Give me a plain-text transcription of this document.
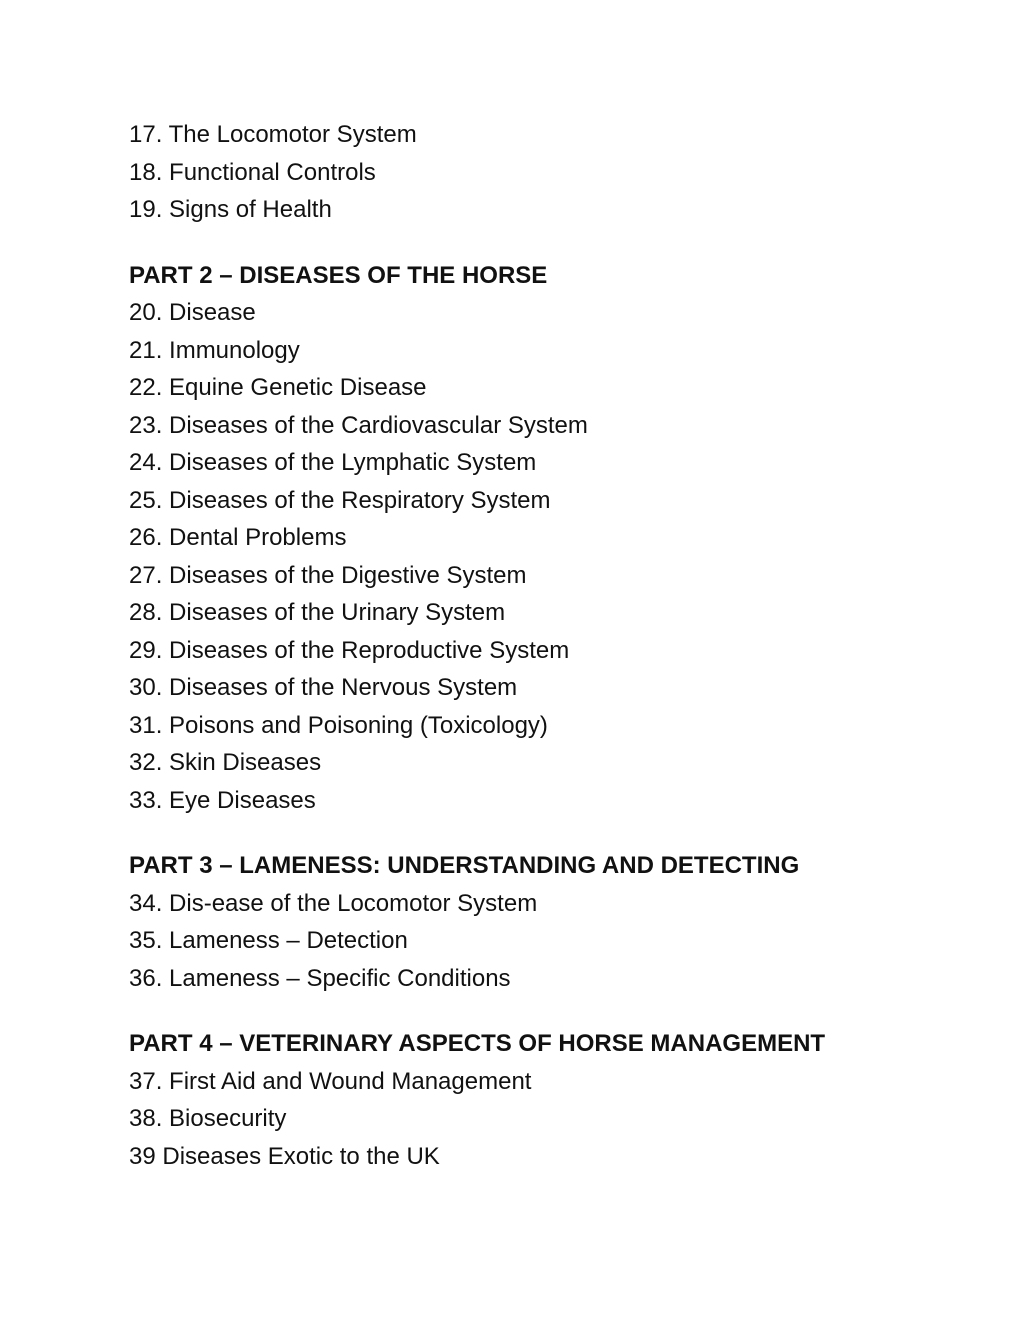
17. The Locomotor System
18. Functional Controls
19. Signs of Health
PART 2 – DISEASES OF THE HORSE
20. Disease
21. Immunology
22. Equine Genetic Disease
23. Diseases of the Cardiovascular System
24. Diseases of the Lymphatic System
25. Diseases of the Respiratory System
26. Dental Problems
27. Diseases of the Digestive System
28. Diseases of the Urinary System
29. Diseases of the Reproductive System
30. Diseases of the Nervous System
31. Poisons and Poisoning (Toxicology)
32. Skin Diseases
33. Eye Diseases
PART 3 – LAMENESS: UNDERSTANDING AND DETECTING
34. Dis-ease of the Locomotor System
35. Lameness – Detection
36. Lameness – Specific Conditions
PART 4 – VETERINARY ASPECTS OF HORSE MANAGEMENT
37. First Aid and Wound Management
38. Biosecurity
39 Diseases Exotic to the UK
